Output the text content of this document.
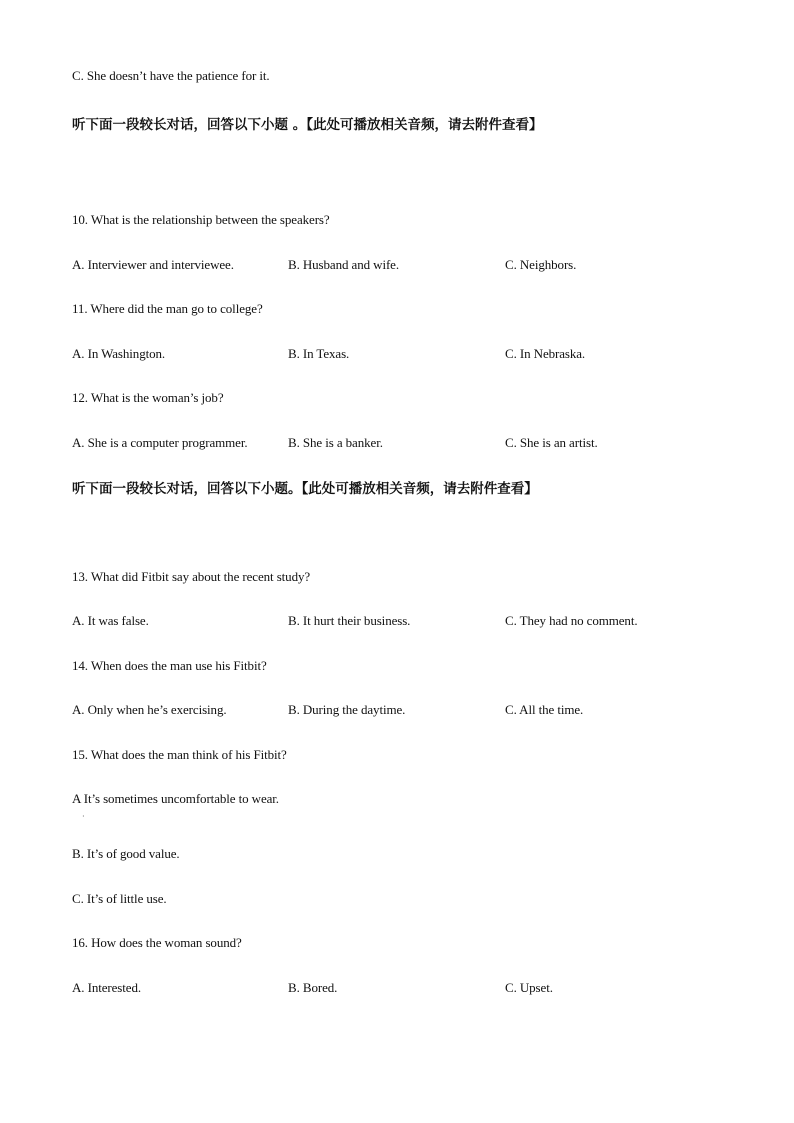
C. She doesn’t have the patience for it.
听下面一段较长对话，回答以下小题 。【此处可播放相关音频，请去附件查看】
10. What is the relationship between the speakers?
A. Interviewer and interviewee.	B. Husband and wife.	C. Neighbors.
11. Where did the man go to college?
A. In Washington.	B. In Texas.	C. In Nebraska.
12. What is the woman’s job?
A. She is a computer programmer.	B. She is a banker.	C. She is an artist.
听下面一段较长对话，回答以下小题。【此处可播放相关音频，请去附件查看】
13. What did Fitbit say about the recent study?
A. It was false.	B. It hurt their business.	C. They had no comment.
14. When does the man use his Fitbit?
A. Only when he’s exercising.	B. During the daytime.	C. All the time.
15. What does the man think of his Fitbit?
A It’s sometimes uncomfortable to wear.
·
B. It’s of good value.
C. It’s of little use.
16. How does the woman sound?
A. Interested.	B. Bored.	C. Upset.
